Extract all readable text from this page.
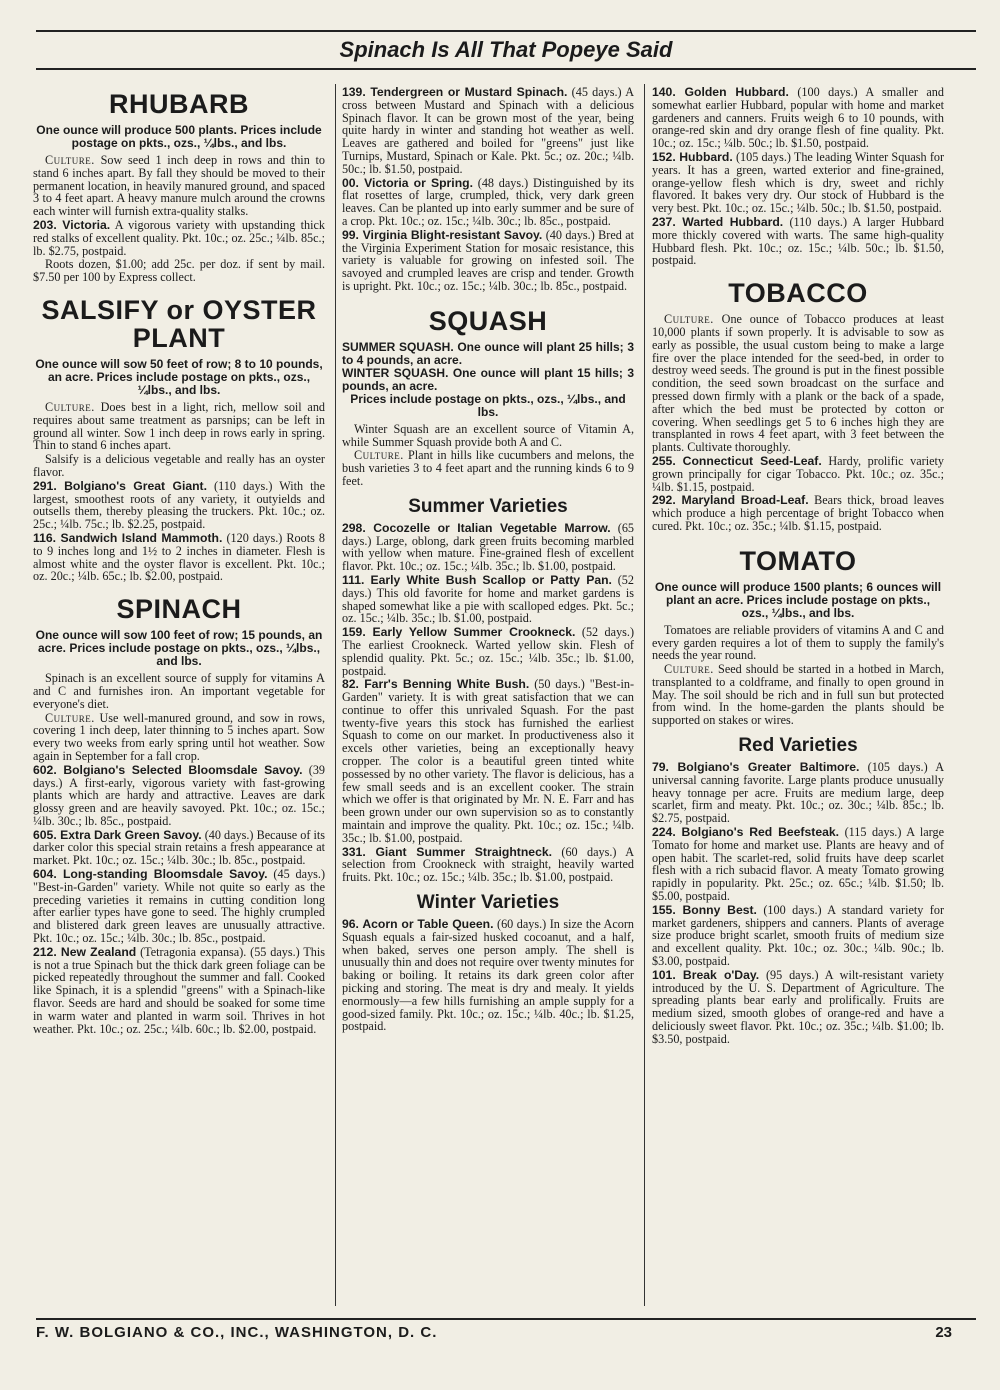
Spinach Is All That Popeye Said
RHUBARB
One ounce will produce 500 plants. Prices include postage on pkts., ozs., ¼lbs., and lbs.

Culture. Sow seed 1 inch deep in rows and thin to stand 6 inches apart. By fall they should be moved to their permanent location, in heavily manured ground, and spaced 3 to 4 feet apart. A heavy manure mulch around the crowns each winter will furnish extra-quality stalks.

203. Victoria. A vigorous variety with upstanding thick red stalks of excellent quality. Pkt. 10c.; oz. 25c.; ¼lb. 85c.; lb. $2.75, postpaid.

Roots dozen, $1.00; add 25c. per doz. if sent by mail. $7.50 per 100 by Express collect.

SALSIFY or OYSTER
PLANT
One ounce will sow 50 feet of row; 8 to 10 pounds, an acre. Prices include postage on pkts., ozs., ¼lbs., and lbs.

Culture. Does best in a light, rich, mellow soil and requires about same treatment as parsnips; can be left in ground all winter. Sow 1 inch deep in rows early in spring. Thin to stand 6 inches apart.

Salsify is a delicious vegetable and really has an oyster flavor.

291. Bolgiano's Great Giant. (110 days.) With the largest, smoothest roots of any variety, it outyields and outsells them, thereby pleasing the truckers. Pkt. 10c.; oz. 25c.; ¼lb. 75c.; lb. $2.25, postpaid.
116. Sandwich Island Mammoth. (120 days.) Roots 8 to 9 inches long and 1½ to 2 inches in diameter. Flesh is almost white and the oyster flavor is excellent. Pkt. 10c.; oz. 20c.; ¼lb. 65c.; lb. $2.00, postpaid.
SPINACH
One ounce will sow 100 feet of row; 15 pounds, an acre. Prices include postage on pkts., ozs., ¼lbs., and lbs.

Spinach is an excellent source of supply for vitamins A and C and furnishes iron. An important vegetable for everyone's diet.

Culture. Use well-manured ground, and sow in rows, covering 1 inch deep, later thinning to 5 inches apart. Sow every two weeks from early spring until hot weather. Sow again in September for a fall crop.

602. Bolgiano's Selected Bloomsdale Savoy. (39 days.) A first-early, vigorous variety with fast-growing plants which are hardy and attractive. Leaves are dark glossy green and are heavily savoyed. Pkt. 10c.; oz. 15c.; ¼lb. 30c.; lb. 85c., postpaid.
605. Extra Dark Green Savoy. (40 days.) Because of its darker color this special strain retains a fresh appearance at market. Pkt. 10c.; oz. 15c.; ¼lb. 30c.; lb. 85c., postpaid.
604. Long-standing Bloomsdale Savoy. (45 days.) "Best-in-Garden" variety. While not quite so early as the preceding varieties it remains in cutting condition long after earlier types have gone to seed. The highly crumpled and blistered dark green leaves are unusually attractive. Pkt. 10c.; oz. 15c.; ¼lb. 30c.; lb. 85c., postpaid.
212. New Zealand (Tetragonia expansa). (55 days.) This is not a true Spinach but the thick dark green foliage can be picked repeatedly throughout the summer and fall. Cooked like Spinach, it is a splendid "greens" with a Spinach-like flavor. Seeds are hard and should be soaked for some time in warm water and planted in warm soil. Thrives in hot weather. Pkt. 10c.; oz. 25c.; ¼lb. 60c.; lb. $2.00, postpaid.
139. Tendergreen or Mustard Spinach. (45 days.) A cross between Mustard and Spinach with a delicious Spinach flavor. It can be grown most of the year, being quite hardy in winter and standing hot weather as well. Leaves are gathered and boiled for "greens" just like Turnips, Mustard, Spinach or Kale. Pkt. 5c.; oz. 20c.; ¼lb. 50c.; lb. $1.50, postpaid.
00. Victoria or Spring. (48 days.) Distinguished by its flat rosettes of large, crumpled, thick, very dark green leaves. Can be planted up into early summer and be sure of a crop. Pkt. 10c.; oz. 15c.; ¼lb. 30c.; lb. 85c., postpaid.
99. Virginia Blight-resistant Savoy. (40 days.) Bred at the Virginia Experiment Station for mosaic resistance, this variety is valuable for growing on infested soil. The savoyed and crumpled leaves are crisp and tender. Growth is upright. Pkt. 10c.; oz. 15c.; ¼lb. 30c.; lb. 85c., postpaid.
SQUASH

SUMMER SQUASH. One ounce will plant 25 hills; 3 to 4 pounds, an acre.

WINTER SQUASH. One ounce will plant 15 hills; 3 pounds, an acre.

Prices include postage on pkts., ozs., ¼lbs., and lbs.

Winter Squash are an excellent source of Vitamin A, while Summer Squash provide both A and C.

Culture. Plant in hills like cucumbers and melons, the bush varieties 3 to 4 feet apart and the running kinds 6 to 9 feet.

Summer Varieties
298. Cocozelle or Italian Vegetable Marrow. (65 days.) Large, oblong, dark green fruits becoming marbled with yellow when mature. Fine-grained flesh of excellent flavor. Pkt. 10c.; oz. 15c.; ¼lb. 35c.; lb. $1.00, postpaid.
111. Early White Bush Scallop or Patty Pan. (52 days.) This old favorite for home and market gardens is shaped somewhat like a pie with scalloped edges. Pkt. 5c.; oz. 15c.; ¼lb. 35c.; lb. $1.00, postpaid.
159. Early Yellow Summer Crookneck. (52 days.) The earliest Crookneck. Warted yellow skin. Flesh of splendid quality. Pkt. 5c.; oz. 15c.; ¼lb. 35c.; lb. $1.00, postpaid.
82. Farr's Benning White Bush. (50 days.) "Best-in-Garden" variety. It is with great satisfaction that we can continue to offer this unrivaled Squash. For the past twenty-five years this stock has furnished the earliest Squash to come on our market. In productiveness also it excels other varieties, being an exceptionally heavy cropper. The color is a beautiful green tinted white possessed by no other variety. The flavor is delicious, has a few small seeds and is an excellent cooker. The strain which we offer is that originated by Mr. N. E. Farr and has been grown under our own supervision so as to constantly maintain and improve the quality. Pkt. 10c.; oz. 15c.; ¼lb. 35c.; lb. $1.00, postpaid.
331. Giant Summer Straightneck. (60 days.) A selection from Crookneck with straight, heavily warted fruits. Pkt. 10c.; oz. 15c.; ¼lb. 35c.; lb. $1.00, postpaid.
Winter Varieties
96. Acorn or Table Queen. (60 days.) In size the Acorn Squash equals a fair-sized husked cocoanut, and a half, when baked, serves one person amply. The shell is unusually thin and does not require over twenty minutes for baking or boiling. It retains its dark green color after picking and storing. The meat is dry and mealy. It yields enormously—a few hills furnishing an ample supply for a good-sized family. Pkt. 10c.; oz. 15c.; ¼lb. 40c.; lb. $1.25, postpaid.
140. Golden Hubbard. (100 days.) A smaller and somewhat earlier Hubbard, popular with home and market gardeners and canners. Fruits weigh 6 to 10 pounds, with orange-red skin and dry orange flesh of fine quality. Pkt. 10c.; oz. 15c.; ¼lb. 50c.; lb. $1.50, postpaid.
152. Hubbard. (105 days.) The leading Winter Squash for years. It has a green, warted exterior and fine-grained, orange-yellow flesh which is dry, sweet and richly flavored. It bakes very dry. Our stock of Hubbard is the very best. Pkt. 10c.; oz. 15c.; ¼lb. 50c.; lb. $1.50, postpaid.
237. Warted Hubbard. (110 days.) A larger Hubbard more thickly covered with warts. The same high-quality Hubbard flesh. Pkt. 10c.; oz. 15c.; ¼lb. 50c.; lb. $1.50, postpaid.
TOBACCO

Culture. One ounce of Tobacco produces at least 10,000 plants if sown properly. It is advisable to sow as early as possible, the usual custom being to make a large fire over the place intended for the seed-bed, in order to destroy weed seeds. The ground is put in the finest possible condition, the seed sown broadcast on the surface and pressed down firmly with a plank or the back of a spade, after which the bed must be protected by cotton or covering. When seedlings get 5 to 6 inches high they are transplanted in rows 4 feet apart, with 3 feet between the plants. Cultivate thoroughly.

255. Connecticut Seed-Leaf. Hardy, prolific variety grown principally for cigar Tobacco. Pkt. 10c.; oz. 35c.; ¼lb. $1.15, postpaid.
292. Maryland Broad-Leaf. Bears thick, broad leaves which produce a high percentage of bright Tobacco when cured. Pkt. 10c.; oz. 35c.; ¼lb. $1.15, postpaid.
TOMATO
One ounce will produce 1500 plants; 6 ounces will plant an acre. Prices include postage on pkts., ozs., ¼lbs., and lbs.

Tomatoes are reliable providers of vitamins A and C and every garden requires a lot of them to supply the family's needs the year round.

Culture. Seed should be started in a hotbed in March, transplanted to a coldframe, and finally to open ground in May. The soil should be rich and in full sun but protected from wind. In the home-garden the plants should be supported on stakes or wires.

Red Varieties
79. Bolgiano's Greater Baltimore. (105 days.) A universal canning favorite. Large plants produce unusually heavy tonnage per acre. Fruits are medium large, deep scarlet, firm and meaty. Pkt. 10c.; oz. 30c.; ¼lb. 85c.; lb. $2.75, postpaid.
224. Bolgiano's Red Beefsteak. (115 days.) A large Tomato for home and market use. Plants are heavy and of open habit. The scarlet-red, solid fruits have deep scarlet flesh with a rich subacid flavor. A meaty Tomato growing rapidly in popularity. Pkt. 25c.; oz. 65c.; ¼lb. $1.50; lb. $5.00, postpaid.
155. Bonny Best. (100 days.) A standard variety for market gardeners, shippers and canners. Plants of average size produce bright scarlet, smooth fruits of medium size and excellent quality. Pkt. 10c.; oz. 30c.; ¼lb. 90c.; lb. $3.00, postpaid.
101. Break o'Day. (95 days.) A wilt-resistant variety introduced by the U. S. Department of Agriculture. The spreading plants bear early and prolifically. Fruits are medium sized, smooth globes of orange-red and have a deliciously sweet flavor. Pkt. 10c.; oz. 35c.; ¼lb. $1.00; lb. $3.50, postpaid.
F. W. BOLGIANO & CO., INC., WASHINGTON, D. C.	23
